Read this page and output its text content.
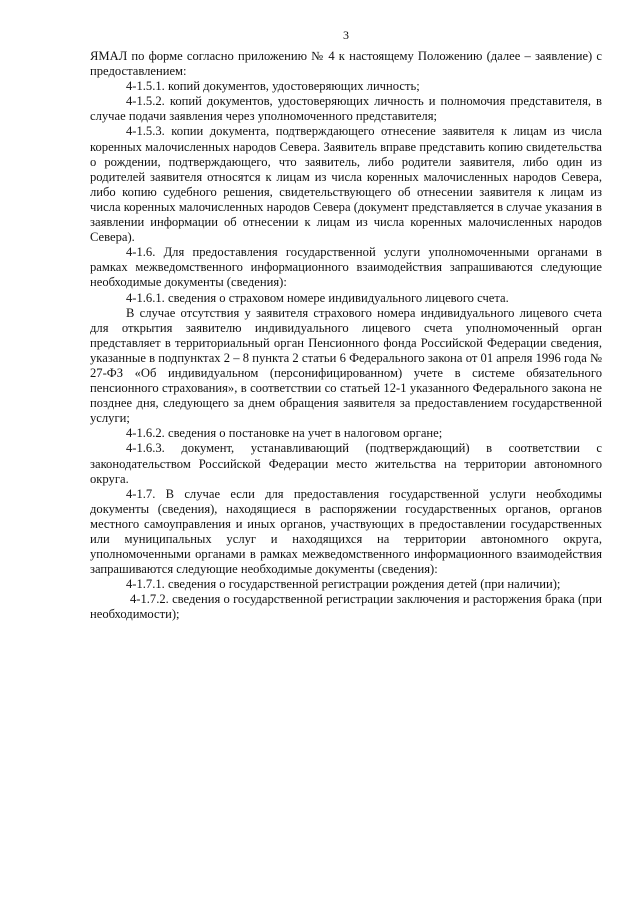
3

ЯМАЛ по форме согласно приложению № 4 к настоящему Положению (далее – заявление) с предоставлением:

4-1.5.1. копий документов, удостоверяющих личность;

4-1.5.2. копий документов, удостоверяющих личность и полномочия представителя, в случае подачи заявления через уполномоченного представителя;

4-1.5.3. копии документа, подтверждающего отнесение заявителя к лицам из числа коренных малочисленных народов Севера. Заявитель вправе представить копию свидетельства о рождении, подтверждающего, что заявитель, либо родители заявителя, либо один из родителей заявителя относятся к лицам из числа коренных малочисленных народов Севера, либо копию судебного решения, свидетельствующего об отнесении заявителя к лицам из числа коренных малочисленных народов Севера (документ представляется в случае указания в заявлении информации об отнесении к лицам из числа коренных малочисленных народов Севера).

4-1.6. Для предоставления государственной услуги уполномоченными органами в рамках межведомственного информационного взаимодействия запрашиваются следующие необходимые документы (сведения):

4-1.6.1. сведения о страховом номере индивидуального лицевого счета.

В случае отсутствия у заявителя страхового номера индивидуального лицевого счета для открытия заявителю индивидуального лицевого счета уполномоченный орган представляет в территориальный орган Пенсионного фонда Российской Федерации сведения, указанные в подпунктах 2 – 8 пункта 2 статьи 6 Федерального закона от 01 апреля 1996 года № 27-ФЗ «Об индивидуальном (персонифицированном) учете в системе обязательного пенсионного страхования», в соответствии со статьей 12-1 указанного Федерального закона не позднее дня, следующего за днем обращения заявителя за предоставлением государственной услуги;

4-1.6.2. сведения о постановке на учет в налоговом органе;

4-1.6.3. документ, устанавливающий (подтверждающий) в соответствии с законодательством Российской Федерации место жительства на территории автономного округа.

4-1.7. В случае если для предоставления государственной услуги необходимы документы (сведения), находящиеся в распоряжении государственных органов, органов местного самоуправления и иных органов, участвующих в предоставлении государственных или муниципальных услуг и находящихся на территории автономного округа, уполномоченными органами в рамках межведомственного информационного взаимодействия запрашиваются следующие необходимые документы (сведения):

4-1.7.1. сведения о государственной регистрации рождения детей (при наличии);

4-1.7.2. сведения о государственной регистрации заключения и расторжения брака (при необходимости);
